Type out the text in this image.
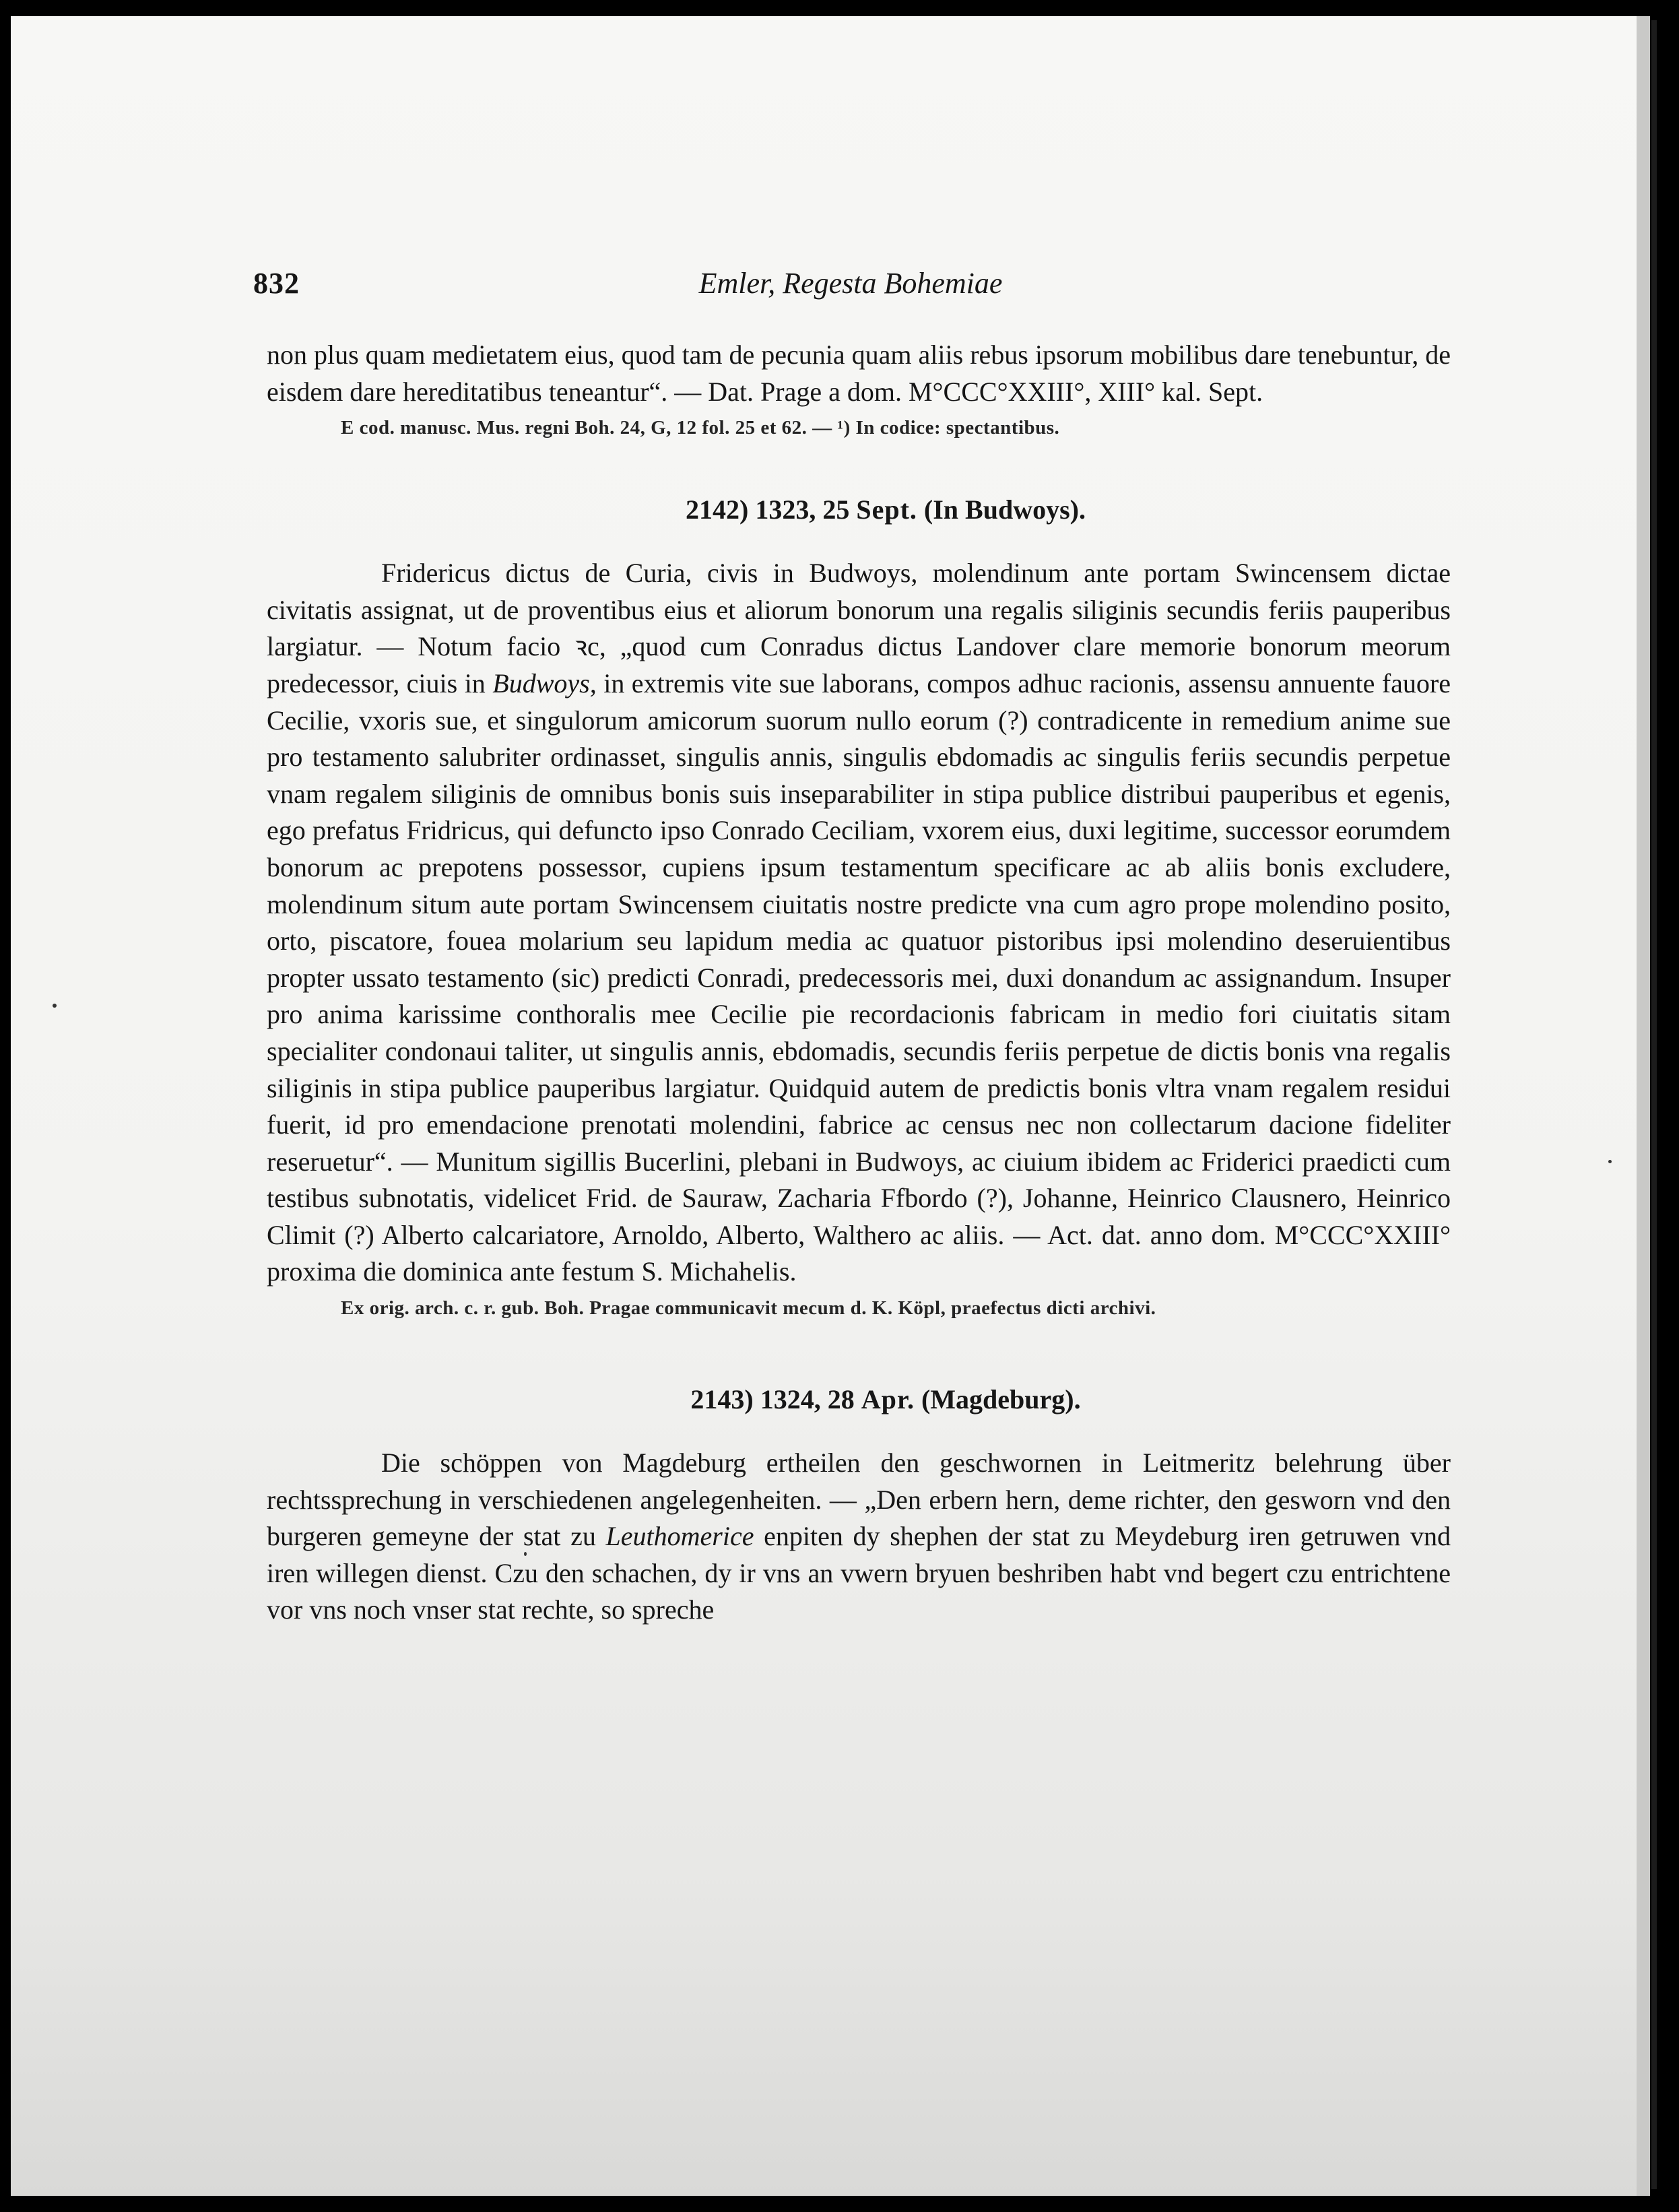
832	Emler, Regesta Bohemiae

non plus quam medietatem eius, quod tam de pecunia quam aliis rebus ipsorum mobilibus dare tenebuntur, de eisdem dare hereditatibus teneantur“. — Dat. Prage a dom. M°CCC°XXIII°, XIII° kal. Sept.

E cod. manusc. Mus. regni Boh. 24, G, 12 fol. 25 et 62. — ¹) In codice: spectantibus.

2142) 1323, 25 Sept. (In Budwoys).

Fridericus dictus de Curia, civis in Budwoys, molendinum ante portam Swincensem dictae civitatis assignat, ut de proventibus eius et aliorum bonorum una regalis siliginis secundis feriis pauperibus largiatur. — Notum facio ꝛc, „quod cum Conradus dictus Landover clare memorie bonorum meorum predecessor, ciuis in Budwoys, in extremis vite sue laborans, compos adhuc racionis, assensu annuente fauore Cecilie, vxoris sue, et singulorum amicorum suorum nullo eorum (?) contradicente in remedium anime sue pro testamento salubriter ordinasset, singulis annis, singulis ebdomadis ac singulis feriis secundis perpetue vnam regalem siliginis de omnibus bonis suis inseparabiliter in stipa publice distribui pauperibus et egenis, ego prefatus Fridricus, qui defuncto ipso Conrado Ceciliam, vxorem eius, duxi legitime, successor eorumdem bonorum ac prepotens possessor, cupiens ipsum testamentum specificare ac ab aliis bonis excludere, molendinum situm aute portam Swincensem ciuitatis nostre predicte vna cum agro prope molendino posito, orto, piscatore, fouea molarium seu lapidum media ac quatuor pistoribus ipsi molendino deseruientibus propter ussato testamento (sic) predicti Conradi, predecessoris mei, duxi donandum ac assignandum. Insuper pro anima karissime conthoralis mee Cecilie pie recordacionis fabricam in medio fori ciuitatis sitam specialiter condonaui taliter, ut singulis annis, ebdomadis, secundis feriis perpetue de dictis bonis vna regalis siliginis in stipa publice pauperibus largiatur. Quidquid autem de predictis bonis vltra vnam regalem residui fuerit, id pro emendacione prenotati molendini, fabrice ac census nec non collectarum dacione fideliter reseruetur“. — Munitum sigillis Bucerlini, plebani in Budwoys, ac ciuium ibidem ac Friderici praedicti cum testibus subnotatis, videlicet Frid. de Sauraw, Zacharia Ffbordo (?), Johanne, Heinrico Clausnero, Heinrico Climit (?) Alberto calcariatore, Arnoldo, Alberto, Walthero ac aliis. — Act. dat. anno dom. M°CCC°XXIII° proxima die dominica ante festum S. Michahelis.

Ex orig. arch. c. r. gub. Boh. Pragae communicavit mecum d. K. Köpl, praefectus dicti archivi.

2143) 1324, 28 Apr. (Magdeburg).

Die schöppen von Magdeburg ertheilen den geschwornen in Leitmeritz belehrung über rechtssprechung in verschiedenen angelegenheiten. — „Den erbern hern, deme richter, den gesworn vnd den burgeren gemeyne der stat zu Leuthomerice enpiten dy shephen der stat zu Meydeburg iren getruwen vnd iren willegen dienst. Czu den schachen, dy ir vns an vwern bryuen beshriben habt vnd begert czu entrichtene vor vns noch vnser stat rechte, so spreche
